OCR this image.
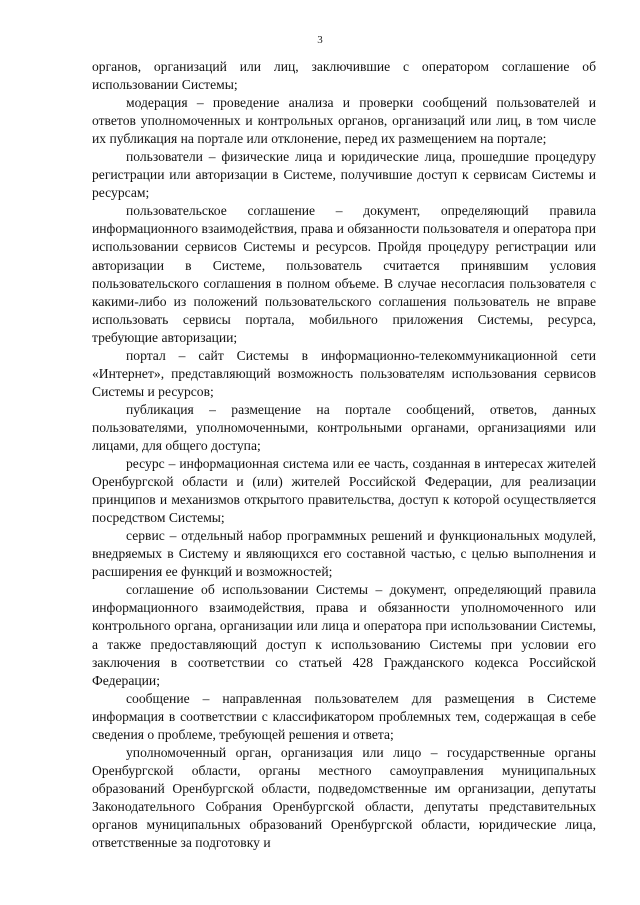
3

органов, организаций или лиц, заключившие с оператором соглашение об использовании Системы;

модерация – проведение анализа и проверки сообщений пользователей и ответов уполномоченных и контрольных органов, организаций или лиц, в том числе их публикация на портале или отклонение, перед их размещением на портале;

пользователи – физические лица и юридические лица, прошедшие процедуру регистрации или авторизации в Системе, получившие доступ к сервисам Системы и ресурсам;

пользовательское соглашение – документ, определяющий правила информационного взаимодействия, права и обязанности пользователя и оператора при использовании сервисов Системы и ресурсов. Пройдя процедуру регистрации или авторизации в Системе, пользователь считается принявшим условия пользовательского соглашения в полном объеме. В случае несогласия пользователя с какими-либо из положений пользовательского соглашения пользователь не вправе использовать сервисы портала, мобильного приложения Системы, ресурса, требующие авторизации;

портал – сайт Системы в информационно-телекоммуникационной сети «Интернет», представляющий возможность пользователям использования сервисов Системы и ресурсов;

публикация – размещение на портале сообщений, ответов, данных пользователями, уполномоченными, контрольными органами, организациями или лицами, для общего доступа;

ресурс – информационная система или ее часть, созданная в интересах жителей Оренбургской области и (или) жителей Российской Федерации, для реализации принципов и механизмов открытого правительства, доступ к которой осуществляется посредством Системы;

сервис – отдельный набор программных решений и функциональных модулей, внедряемых в Систему и являющихся его составной частью, с целью выполнения и расширения ее функций и возможностей;

соглашение об использовании Системы – документ, определяющий правила информационного взаимодействия, права и обязанности уполномоченного или контрольного органа, организации или лица и оператора при использовании Системы, а также предоставляющий доступ к использованию Системы при условии его заключения в соответствии со статьей 428 Гражданского кодекса Российской Федерации;

сообщение – направленная пользователем для размещения в Системе информация в соответствии с классификатором проблемных тем, содержащая в себе сведения о проблеме, требующей решения и ответа;

уполномоченный орган, организация или лицо – государственные органы Оренбургской области, органы местного самоуправления муниципальных образований Оренбургской области, подведомственные им организации, депутаты Законодательного Собрания Оренбургской области, депутаты представительных органов муниципальных образований Оренбургской области, юридические лица, ответственные за подготовку и
